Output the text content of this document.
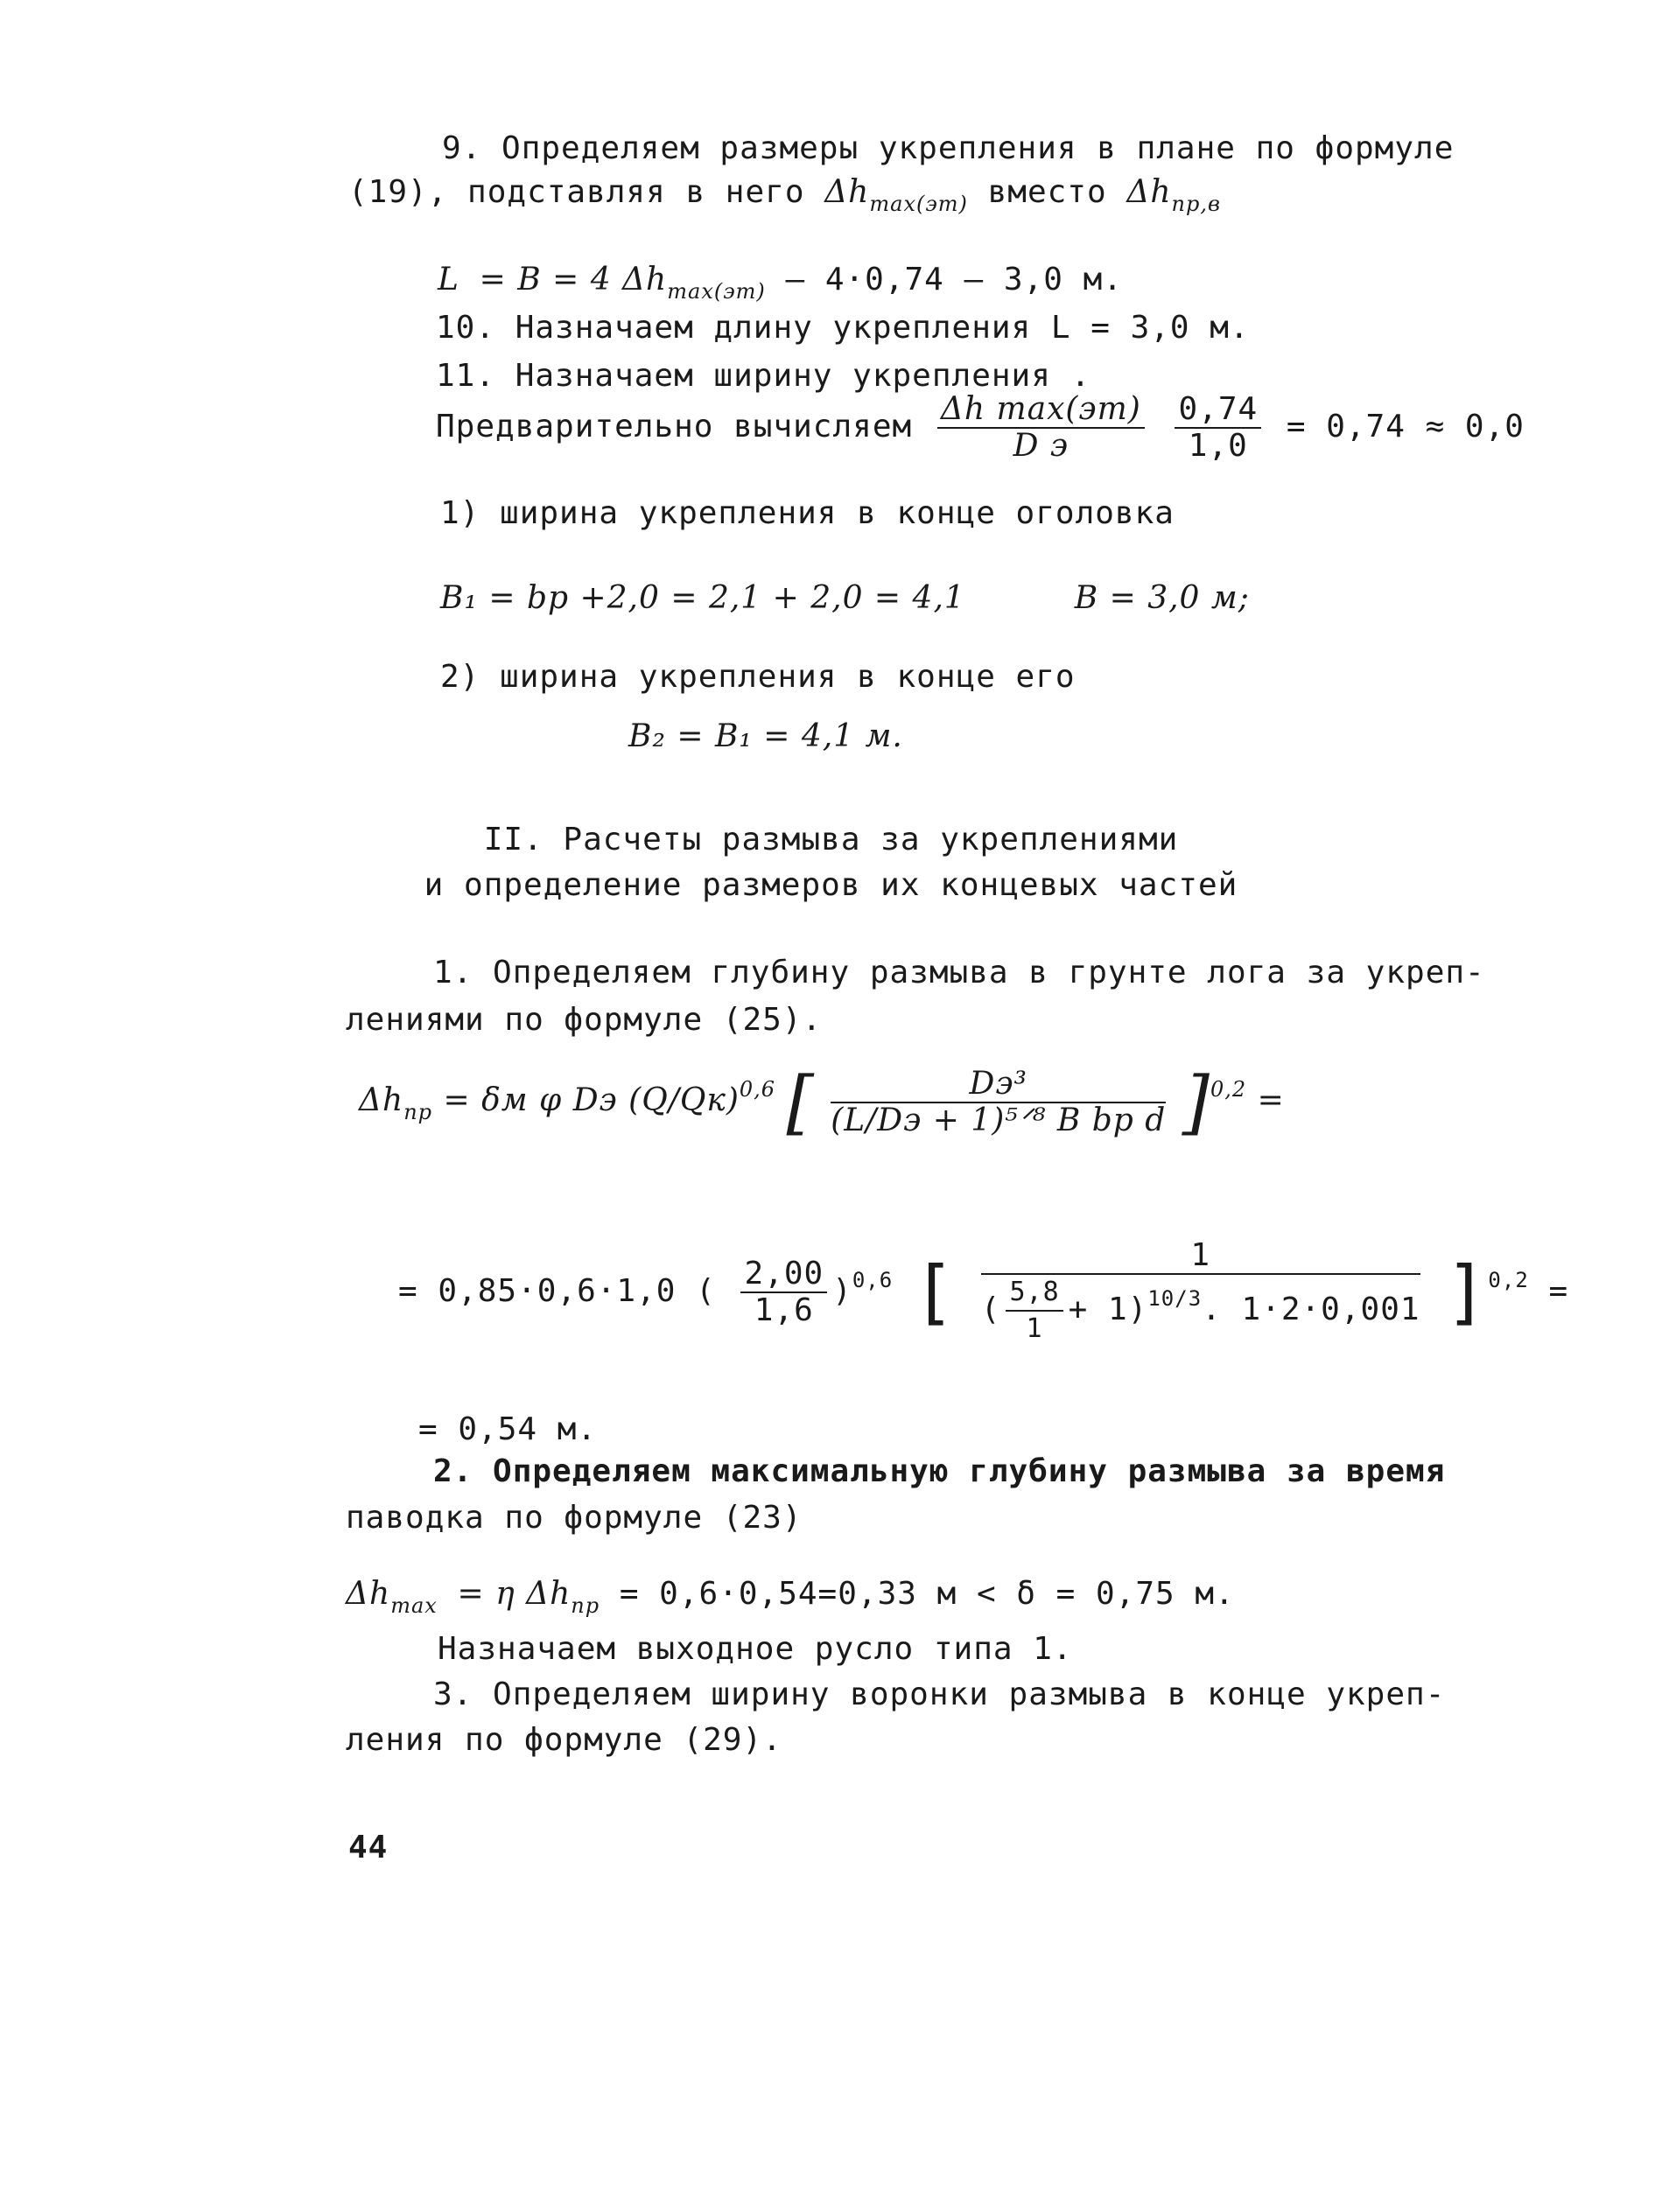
9. Определяем размеры укрепления в плане по формуле
(19), подставляя в него $\Delta h_{max(эт)}$ вместо $\Delta h_{пр,в}$
L = B = 4 $\Delta h_{max(эт)} - 4\cdot 0,74 - 3,0$ м.
10. Назначаем длину укрепления L = 3,0 м.
11. Назначаем ширину укрепления .
Предварительно вычисляем $\frac{\text{Δh max(эт)}}{\text{D э}}$
$\frac{0,74}{1,0} = 0,74 \approx 0,0$
1) ширина укрепления в конце оголовка
B₁ = bр +2,0 = 2,1 + 2,0 = 4,1	B = 3,0 м;
2) ширина укрепления в конце его
B₂ = B₁ = 4,1 м.
II. Расчеты размыва за укреплениями
и определение размеров их концевых частей
1. Определяем глубину размыва в грунте лога за укреп-
лениями по формуле (25).
$\Delta h_{пр} = \delta м$ φ Dэ $(Q/Qк)^{0,6}$ [ $\frac{\text{Dэ³}}{\text{(L/Dэ + 1)⁵ᐟ⁸ B bр d}} ]^{0,2}$ =
= 0,85·0,6·1,0 ( $\frac{2,00}{1,6} )^{0,6}$ [ $\frac{1}{( \frac{5,8}{1} + 1)^{10/3}. 1\cdot 2\cdot 0,001} ]^{0,2}$ =
= 0,54 м.
2. Определяем максимальную глубину размыва за время
паводка по формуле (23)
$\Delta h_{max} = \eta$ $\Delta h_{пр} = 0,6\cdot 0,54=0,33$ м < δ = 0,75 м.
Назначаем выходное русло типа 1.
3. Определяем ширину воронки размыва в конце укреп-
ления по формуле (29).
44
